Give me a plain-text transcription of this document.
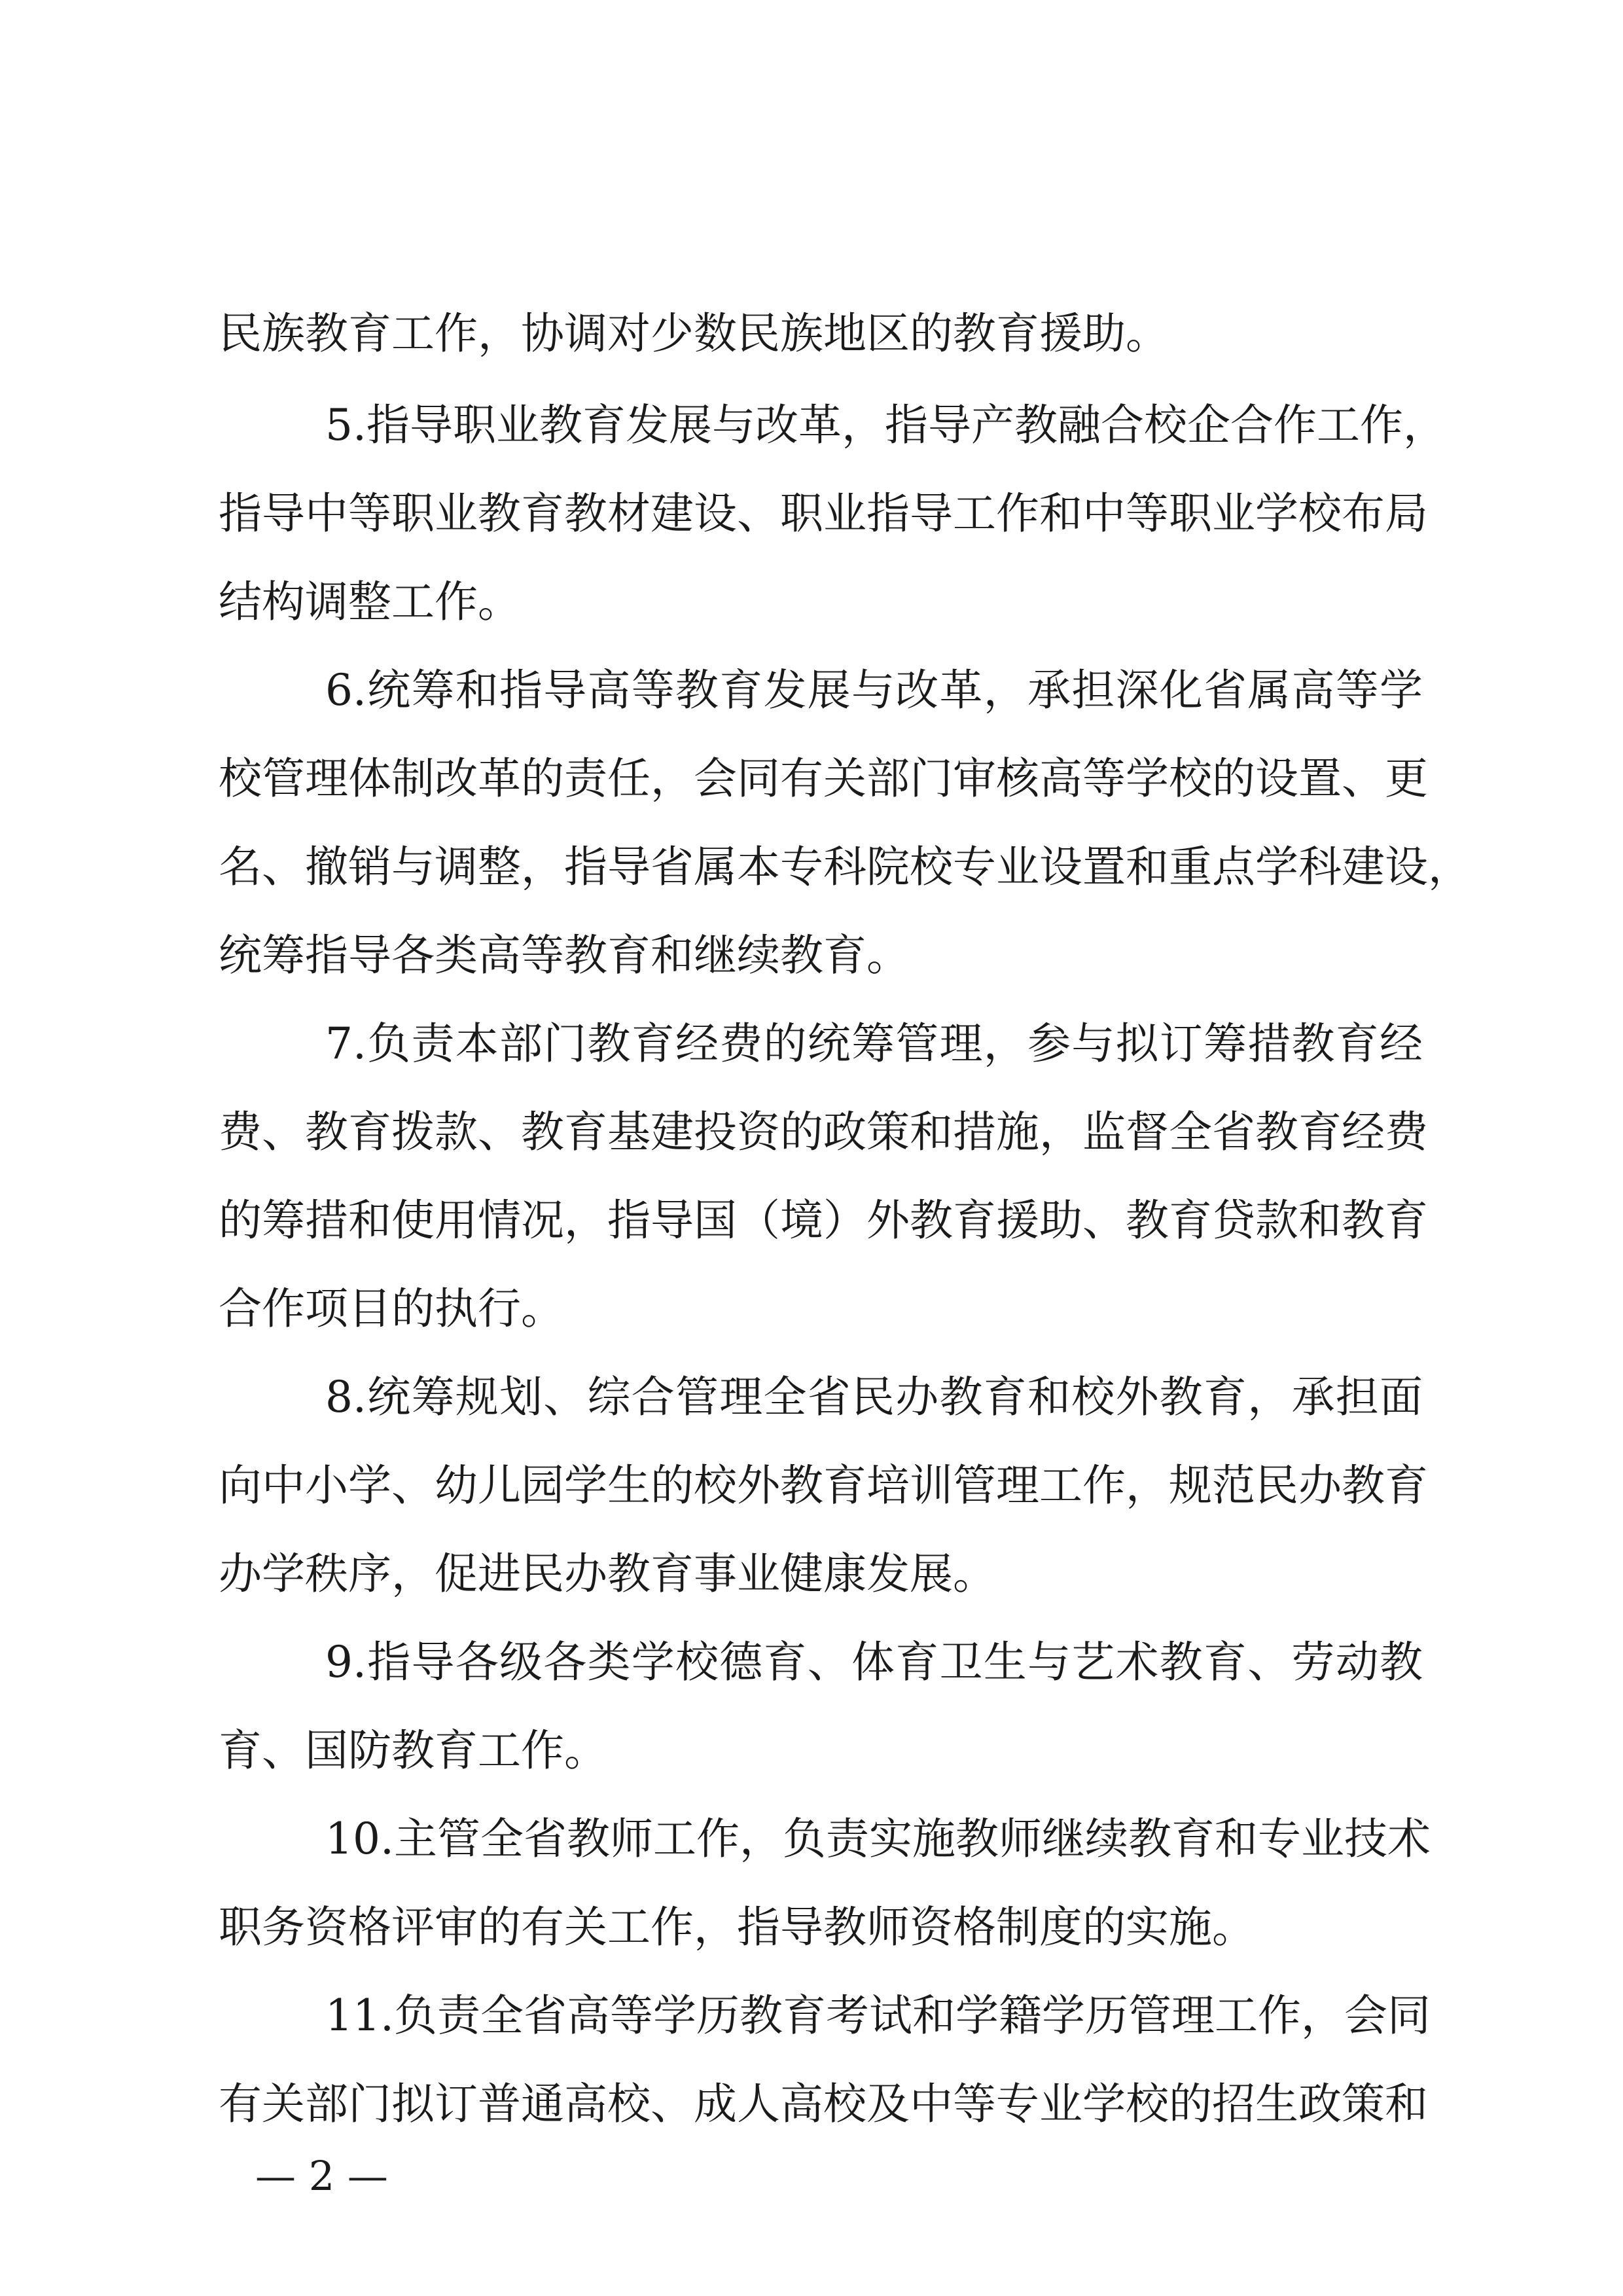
民族教育工作，协调对少数民族地区的教育援助。
5.指导职业教育发展与改革，指导产教融合校企合作工作，
指导中等职业教育教材建设、职业指导工作和中等职业学校布局
结构调整工作。
6.统筹和指导高等教育发展与改革，承担深化省属高等学
校管理体制改革的责任，会同有关部门审核高等学校的设置、更
名、撤销与调整，指导省属本专科院校专业设置和重点学科建设，
统筹指导各类高等教育和继续教育。
7.负责本部门教育经费的统筹管理，参与拟订筹措教育经
费、教育拨款、教育基建投资的政策和措施，监督全省教育经费
的筹措和使用情况，指导国（境）外教育援助、教育贷款和教育
合作项目的执行。
8.统筹规划、综合管理全省民办教育和校外教育，承担面
向中小学、幼儿园学生的校外教育培训管理工作，规范民办教育
办学秩序，促进民办教育事业健康发展。
9.指导各级各类学校德育、体育卫生与艺术教育、劳动教
育、国防教育工作。
10.主管全省教师工作，负责实施教师继续教育和专业技术
职务资格评审的有关工作，指导教师资格制度的实施。
11.负责全省高等学历教育考试和学籍学历管理工作，会同
有关部门拟订普通高校、成人高校及中等专业学校的招生政策和
— 2 —
